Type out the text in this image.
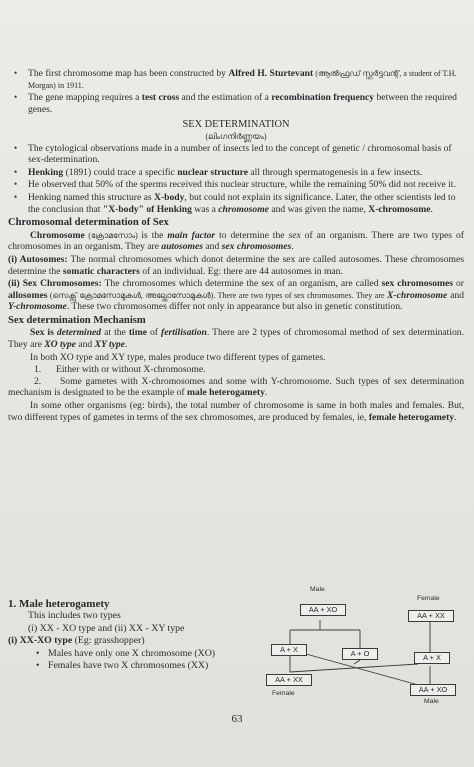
• The first chromosome map has been constructed by Alfred H. Sturtevant (ആൽഫ്രഡ് സ്റ്റർട്ടവന്റ്, a student of T.H. Morgan) in 1911.
• The gene mapping requires a test cross and the estimation of a recombination frequency between the required genes.
SEX DETERMINATION
(ലിംഗനിർണ്ണയം)
• The cytological observations made in a number of insects led to the concept of genetic / chromosomal basis of sex-determination.
• Henking (1891) could trace a specific nuclear structure all through spermatogenesis in a few insects.
• He observed that 50% of the sperms received this nuclear structure, while the remaining 50% did not receive it.
• Henking named this structure as X-body, but could not explain its significance. Later, the other scientists led to the conclusion that "X-body" of Henking was a chromosome and was given the name, X-chromosome.
Chromosomal determination of Sex
Chromosome (ക്രോമസോം) is the main factor to determine the sex of an organism. There are two types of chromosomes in an organism. They are autosomes and sex chromosomes.
(i) Autosomes: The normal chromosomes which donot determine the sex are called autosomes. These chromosomes determine the somatic characters of an individual. Eg: there are 44 autosomes in man.
(ii) Sex Chromosomes: The chromosomes which determine the sex of an organism, are called sex chromosomes or allosomes (സെക്സ് ക്രോമസോമുകൾ, അല്ലോസോമുകൾ). There are two types of sex chromosomes. They are X-chromosome and Y-chromosome. These two chromosomes differ not only in appearance but also in genetic constitution.
Sex determination Mechanism
Sex is determined at the time of fertilisation. There are 2 types of chromosomal method of sex determination. They are XO type and XY type.
In both XO type and XY type, males produce two different types of gametes.
1. Either with or without X-chromosome.
2. Some gametes with X-chromosomes and some with Y-chromosome. Such types of sex determination mechanism is designated to be the example of male heterogamety.
In some other organisms (eg: birds), the total number of chromosome is same in both males and females. But, two different types of gametes in terms of the sex chromosomes, are produced by females, ie, female heterogamety.
1. Male heterogamety
This includes two types
(i) XX - XO type and (ii) XX - XY type
(i) XX-XO type (Eg: grasshopper)
• Males have only one X chromosome (XO)
• Females have two X chromosomes (XX)
Male
AA + XO
Female
AA + XX
A + X	A + O	A + X
AA + XX
Female	AA + XO
Male
63
